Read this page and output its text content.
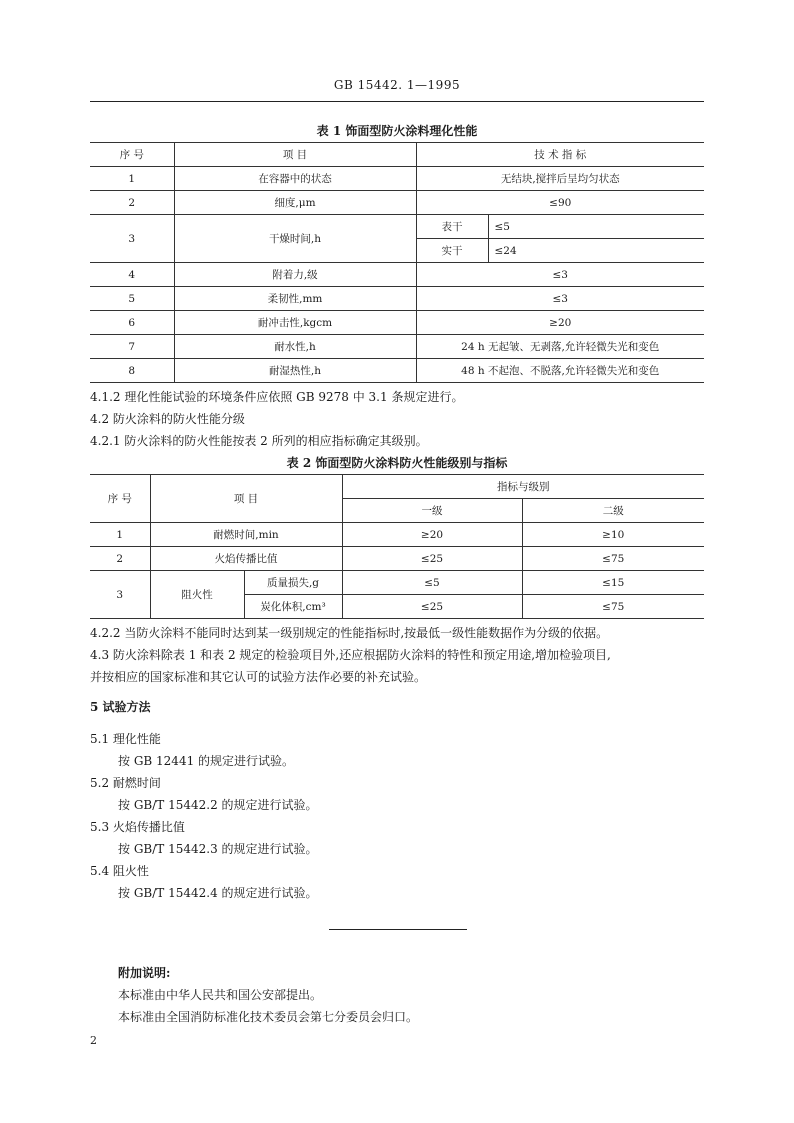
GB 15442. 1—1995
表 1 饰面型防火涂料理化性能
序 号	项 目	技 术 指 标	
1	在容器中的状态	无结块,搅拌后呈均匀状态	
2	细度,μm	≤90	
3	干燥时间,h	表干	≤5
		实干	≤24
4	附着力,级	≤3	
5	柔韧性,mm	≤3	
6	耐冲击性,kgcm	≥20	
7	耐水性,h	24 h 无起皱、无剥落,允许轻微失光和变色	
8	耐湿热性,h	48 h 不起泡、不脱落,允许轻微失光和变色	
4.1.2 理化性能试验的环境条件应依照 GB 9278 中 3.1 条规定进行。
4.2 防火涂料的防火性能分级
4.2.1 防火涂料的防火性能按表 2 所列的相应指标确定其级别。
表 2 饰面型防火涂料防火性能级别与指标
序 号	项 目		指标与级别	
			一级	二级
1	耐燃时间,min		≥20	≥10
2	火焰传播比值		≤25	≤75
3	阻火性	质量损失,g	≤5	≤15
		炭化体积,cm³	≤25	≤75
4.2.2 当防火涂料不能同时达到某一级别规定的性能指标时,按最低一级性能数据作为分级的依据。
4.3 防火涂料除表 1 和表 2 规定的检验项目外,还应根据防火涂料的特性和预定用途,增加检验项目,
并按相应的国家标准和其它认可的试验方法作必要的补充试验。
5 试验方法
5.1 理化性能
按 GB 12441 的规定进行试验。
5.2 耐燃时间
按 GB/T 15442.2 的规定进行试验。
5.3 火焰传播比值
按 GB/T 15442.3 的规定进行试验。
5.4 阻火性
按 GB/T 15442.4 的规定进行试验。
附加说明:
本标准由中华人民共和国公安部提出。
本标准由全国消防标准化技术委员会第七分委员会归口。
2
